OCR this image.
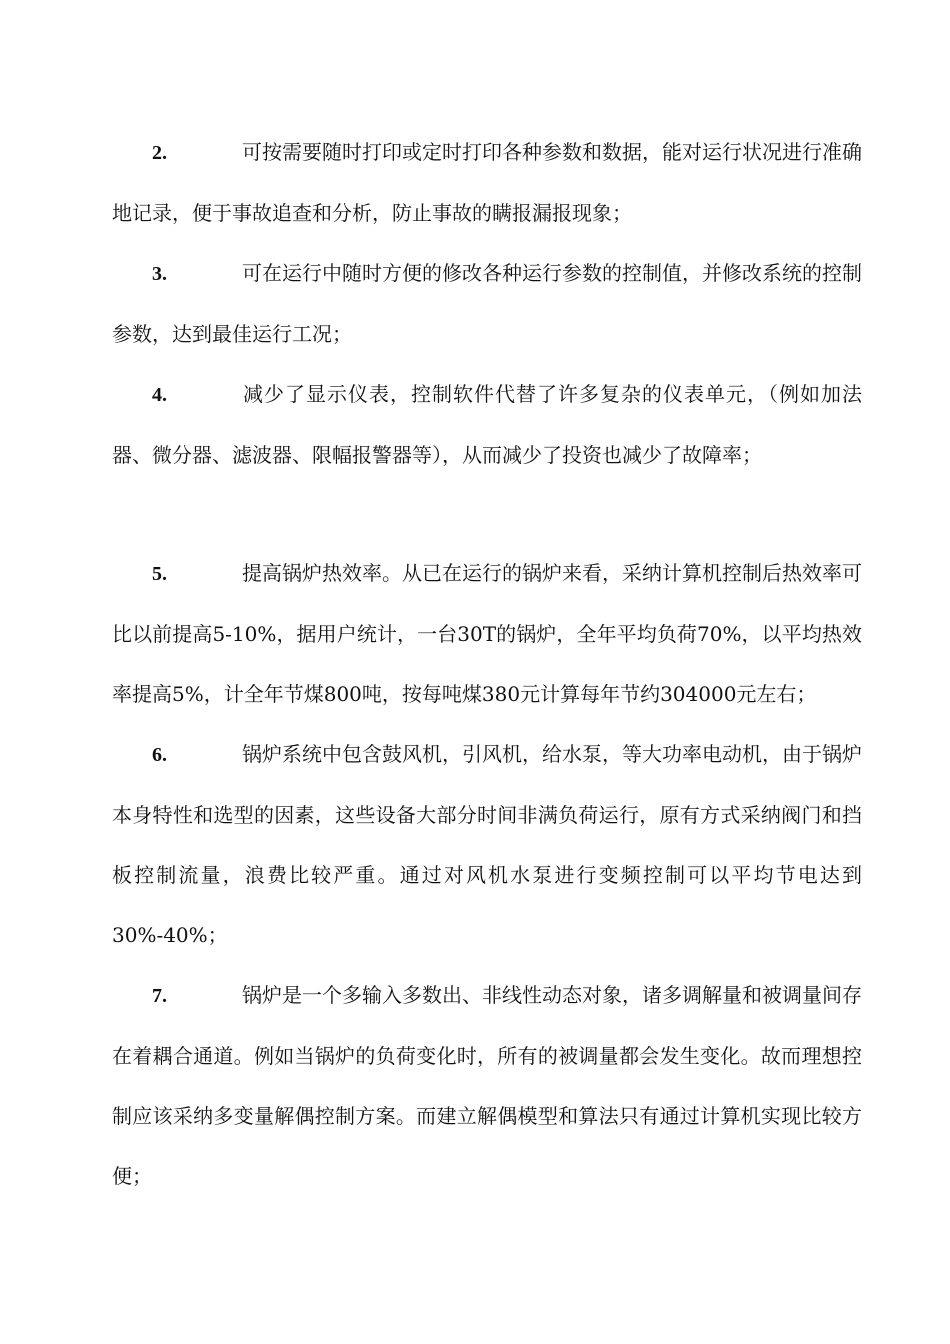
2.	可按需要随时打印或定时打印各种参数和数据，能对运行状况进行准确地记录，便于事故追查和分析，防止事故的瞒报漏报现象；

3.	可在运行中随时方便的修改各种运行参数的控制值，并修改系统的控制参数，达到最佳运行工况；

4.	减少了显示仪表，控制软件代替了许多复杂的仪表单元，（例如加法器、微分器、滤波器、限幅报警器等），从而减少了投资也减少了故障率；

5.	提高锅炉热效率。从已在运行的锅炉来看，采纳计算机控制后热效率可比以前提高5-10%，据用户统计，一台30T的锅炉，全年平均负荷70%，以平均热效率提高5%，计全年节煤800吨，按每吨煤380元计算每年节约304000元左右；

6.	锅炉系统中包含鼓风机，引风机，给水泵，等大功率电动机，由于锅炉本身特性和选型的因素，这些设备大部分时间非满负荷运行，原有方式采纳阀门和挡板控制流量，浪费比较严重。通过对风机水泵进行变频控制可以平均节电达到30%-40%；

7.	锅炉是一个多输入多数出、非线性动态对象，诸多调解量和被调量间存在着耦合通道。例如当锅炉的负荷变化时，所有的被调量都会发生变化。故而理想控制应该采纳多变量解偶控制方案。而建立解偶模型和算法只有通过计算机实现比较方便；
